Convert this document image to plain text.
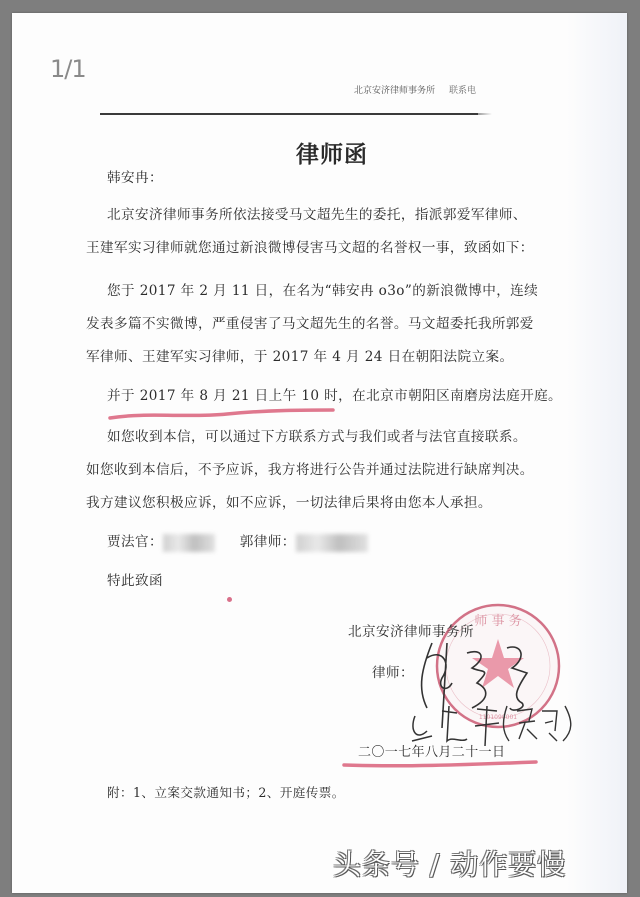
1/1
北京安济律师事务所 联系电
律师函
韩安冉：
北京安济律师事务所依法接受马文超先生的委托，指派郭爱军律师、
王建军实习律师就您通过新浪微博侵害马文超的名誉权一事，致函如下：
您于 2017 年 2 月 11 日，在名为“韩安冉 o3o”的新浪微博中，连续
发表多篇不实微博，严重侵害了马文超先生的名誉。马文超委托我所郭爱
军律师、王建军实习律师，于 2017 年 4 月 24 日在朝阳法院立案。
并于 2017 年 8 月 21 日上午 10 时，在北京市朝阳区南磨房法庭开庭。
如您收到本信，可以通过下方联系方式与我们或者与法官直接联系。
如您收到本信后，不予应诉，我方将进行公告并通过法院进行缺席判决。
我方建议您积极应诉，如不应诉，一切法律后果将由您本人承担。
贾法官：	郭律师：
特此致函
师 事 务
1101090001
北京安济律师事务所
律师：
二〇一七年八月二十一日
附：1、立案交款通知书；2、开庭传票。
头条号 / 动作要慢
